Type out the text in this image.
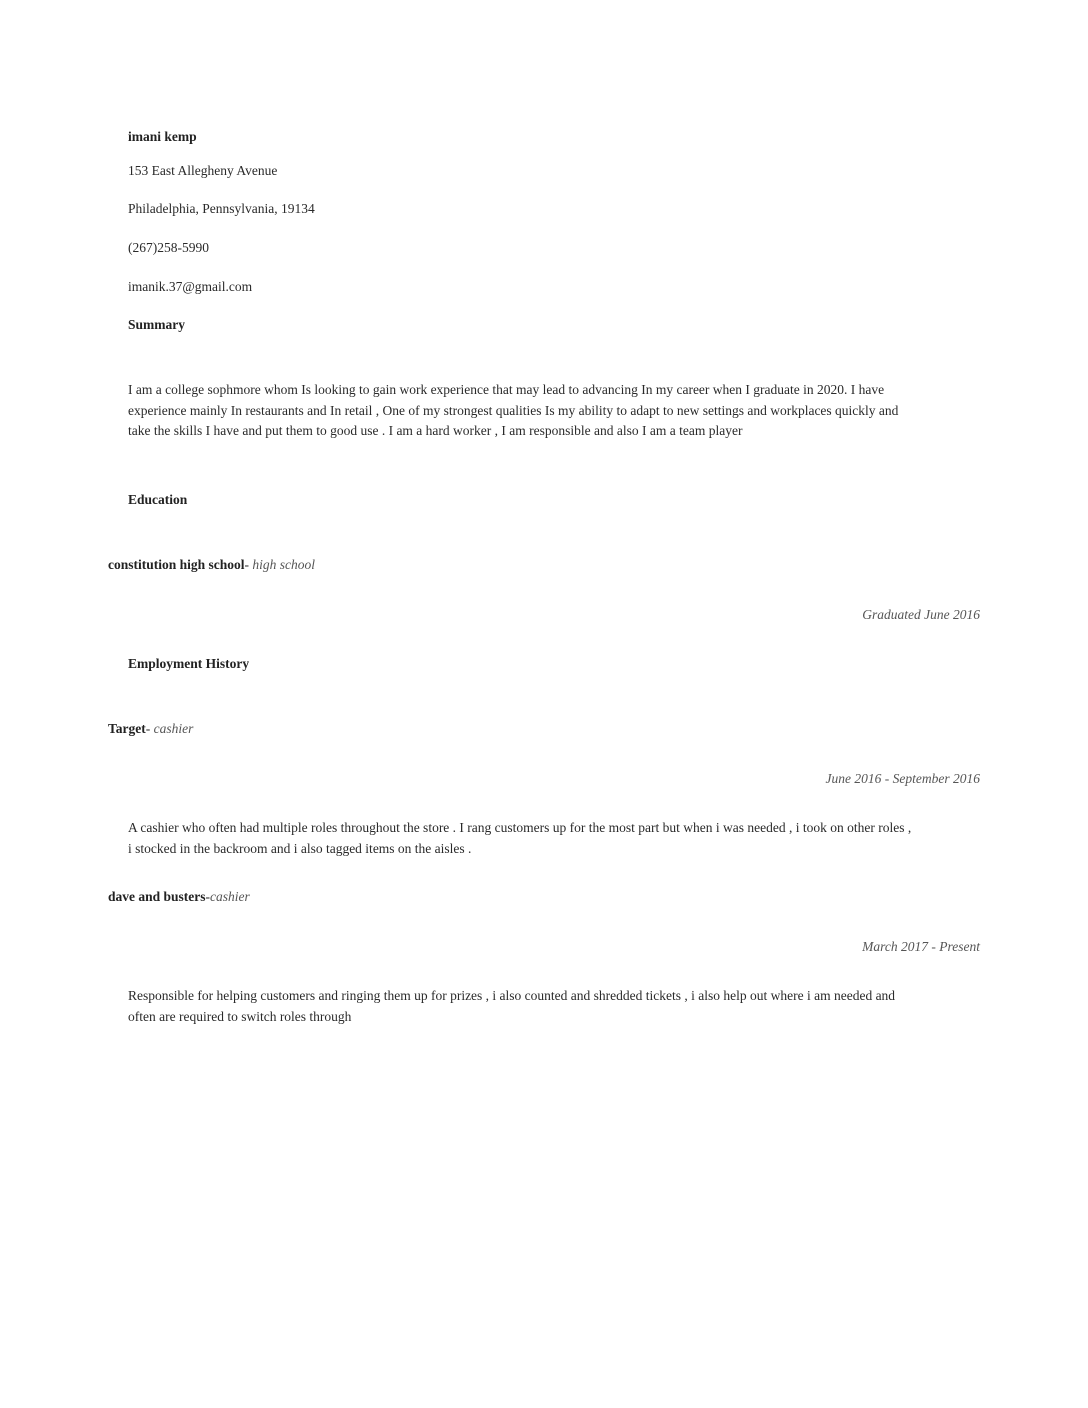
imani kemp
153 East Allegheny Avenue
Philadelphia, Pennsylvania, 19134
(267)258-5990
imanik.37@gmail.com
Summary
I am a college sophmore whom Is looking to gain work experience that may lead to advancing In my career when I graduate in 2020. I have
experience mainly In restaurants and In retail , One of my strongest qualities Is my ability to adapt to new settings and workplaces quickly and
take the skills I have and put them to good use . I am a hard worker , I am responsible and also I am a team player
Education
constitution high school- high school
Graduated June 2016
Employment History
Target- cashier
June 2016 - September 2016
A cashier who often had multiple roles throughout the store . I rang customers up for the most part but when i was needed , i took on other roles ,
i stocked in the backroom and i also tagged items on the aisles .
dave and busters-cashier
March 2017 - Present
Responsible for helping customers and ringing them up for prizes , i also counted and shredded tickets , i also help out where i am needed and
often are required to switch roles through
